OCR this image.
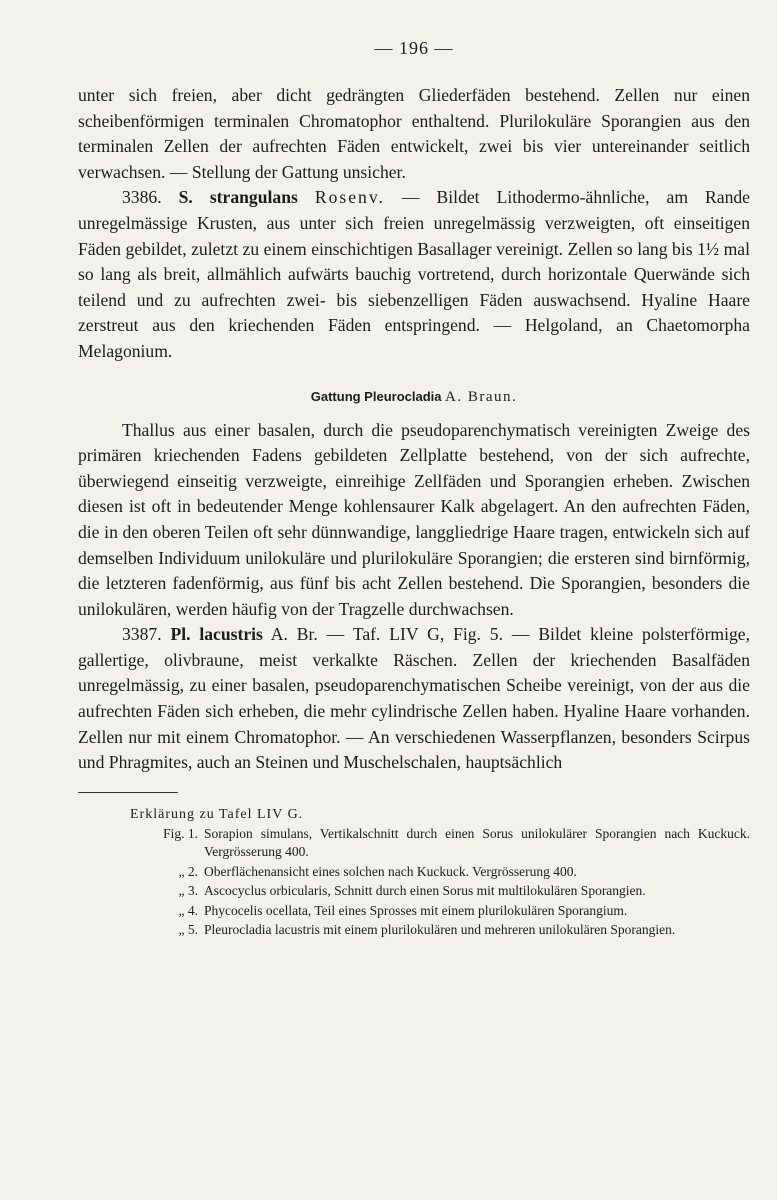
— 196 —

unter sich freien, aber dicht gedrängten Gliederfäden bestehend. Zellen nur einen scheibenförmigen terminalen Chromatophor enthaltend. Plurilokuläre Sporangien aus den terminalen Zellen der aufrechten Fäden entwickelt, zwei bis vier untereinander seitlich verwachsen. — Stellung der Gattung unsicher.

3386. S. strangulans Rosenv. — Bildet Lithodermo-ähnliche, am Rande unregelmässige Krusten, aus unter sich freien unregelmässig verzweigten, oft einseitigen Fäden gebildet, zuletzt zu einem einschichtigen Basallager vereinigt. Zellen so lang bis 1½ mal so lang als breit, allmählich aufwärts bauchig vortretend, durch horizontale Querwände sich teilend und zu aufrechten zwei- bis siebenzelligen Fäden auswachsend. Hyaline Haare zerstreut aus den kriechenden Fäden entspringend. — Helgoland, an Chaetomorpha Melagonium.

Gattung Pleurocladia A. Braun.

Thallus aus einer basalen, durch die pseudoparenchymatisch vereinigten Zweige des primären kriechenden Fadens gebildeten Zellplatte bestehend, von der sich aufrechte, überwiegend einseitig verzweigte, einreihige Zellfäden und Sporangien erheben. Zwischen diesen ist oft in bedeutender Menge kohlensaurer Kalk abgelagert. An den aufrechten Fäden, die in den oberen Teilen oft sehr dünnwandige, langgliedrige Haare tragen, entwickeln sich auf demselben Individuum unilokuläre und plurilokuläre Sporangien; die ersteren sind birnförmig, die letzteren fadenförmig, aus fünf bis acht Zellen bestehend. Die Sporangien, besonders die unilokulären, werden häufig von der Tragzelle durchwachsen.

3387. Pl. lacustris A. Br. — Taf. LIV G, Fig. 5. — Bildet kleine polsterförmige, gallertige, olivbraune, meist verkalkte Räschen. Zellen der kriechenden Basalfäden unregelmässig, zu einer basalen, pseudoparenchymatischen Scheibe vereinigt, von der aus die aufrechten Fäden sich erheben, die mehr cylindrische Zellen haben. Hyaline Haare vorhanden. Zellen nur mit einem Chromatophor. — An verschiedenen Wasserpflanzen, besonders Scirpus und Phragmites, auch an Steinen und Muschelschalen, hauptsächlich

Erklärung zu Tafel LIV G.
Fig. 1. Sorapion simulans, Vertikalschnitt durch einen Sorus unilokulärer Sporangien nach Kuckuck. Vergrösserung 400.
„ 2. Oberflächenansicht eines solchen nach Kuckuck. Vergrösserung 400.
„ 3. Ascocyclus orbicularis, Schnitt durch einen Sorus mit multilokulären Sporangien.
„ 4. Phycocelis ocellata, Teil eines Sprosses mit einem plurilokulären Sporangium.
„ 5. Pleurocladia lacustris mit einem plurilokulären und mehreren unilokulären Sporangien.
